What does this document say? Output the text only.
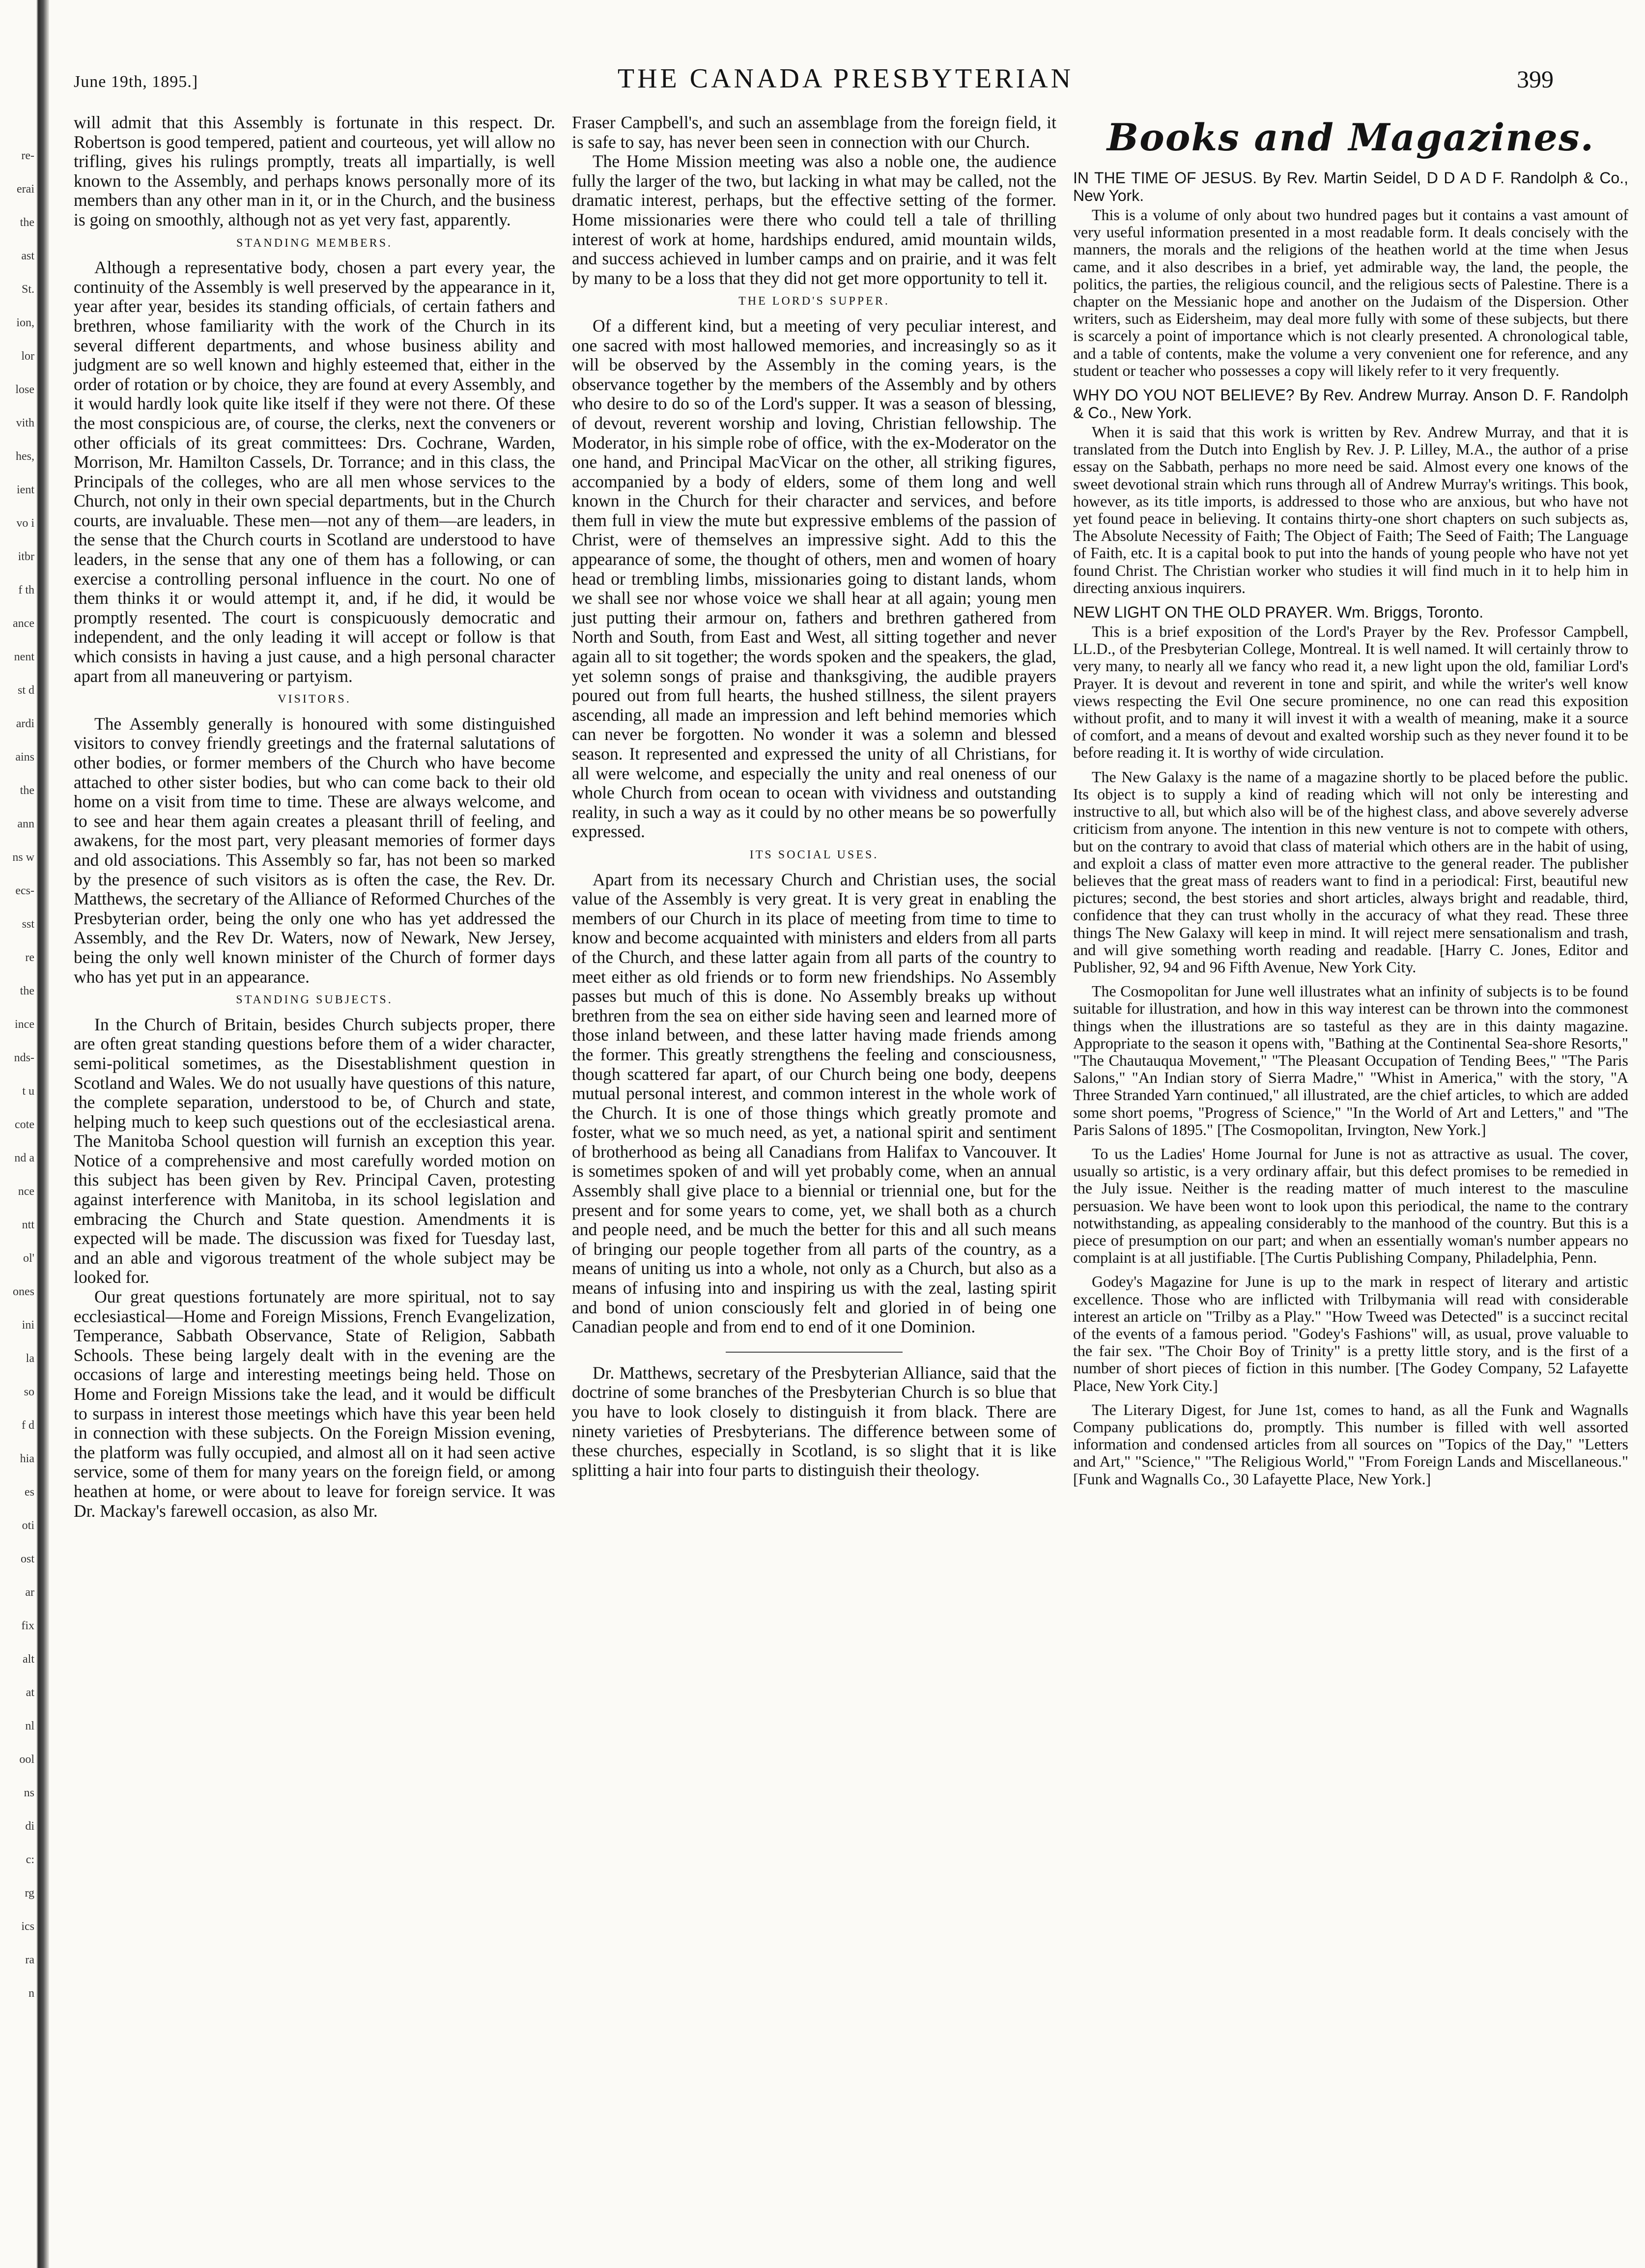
re-
erai
the
ast
St.
ion,
lor
lose
vith
hes,
ient
vo i
itbr
f th
ance
nent
st d
ardi
ains
the
ann
ns w
ecs-
sst
re
the
ince
nds-
t u
cote
nd a
nce
ntt
ol'
ones
ini
la
so
f d
hia
es
oti
ost
ar
fix
alt
at
nl
ool
ns
di
c:
rg
ics
ra
n
June 19th, 1895.]	THE CANADA PRESBYTERIAN	399

will admit that this Assembly is fortunate in this respect. Dr. Robertson is good tempered, patient and courteous, yet will allow no trifling, gives his rulings promptly, treats all impartially, is well known to the Assembly, and perhaps knows personally more of its members than any other man in it, or in the Church, and the business is going on smoothly, although not as yet very fast, apparently.

STANDING MEMBERS.

Although a representative body, chosen a part every year, the continuity of the Assembly is well preserved by the appearance in it, year after year, besides its standing officials, of certain fathers and brethren, whose familiarity with the work of the Church in its several different departments, and whose business ability and judgment are so well known and highly esteemed that, either in the order of rotation or by choice, they are found at every Assembly, and it would hardly look quite like itself if they were not there. Of these the most conspicious are, of course, the clerks, next the conveners or other officials of its great committees: Drs. Cochrane, Warden, Morrison, Mr. Hamilton Cassels, Dr. Torrance; and in this class, the Principals of the colleges, who are all men whose services to the Church, not only in their own special departments, but in the Church courts, are invaluable. These men—not any of them—are leaders, in the sense that the Church courts in Scotland are understood to have leaders, in the sense that any one of them has a following, or can exercise a controlling personal influence in the court. No one of them thinks it or would attempt it, and, if he did, it would be promptly resented. The court is conspicuously democratic and independent, and the only leading it will accept or follow is that which consists in having a just cause, and a high personal character apart from all maneuvering or partyism.

VISITORS.

The Assembly generally is honoured with some distinguished visitors to convey friendly greetings and the fraternal salutations of other bodies, or former members of the Church who have become attached to other sister bodies, but who can come back to their old home on a visit from time to time. These are always welcome, and to see and hear them again creates a pleasant thrill of feeling, and awakens, for the most part, very pleasant memories of former days and old associations. This Assembly so far, has not been so marked by the presence of such visitors as is often the case, the Rev. Dr. Matthews, the secretary of the Alliance of Reformed Churches of the Presbyterian order, being the only one who has yet addressed the Assembly, and the Rev Dr. Waters, now of Newark, New Jersey, being the only well known minister of the Church of former days who has yet put in an appearance.

STANDING SUBJECTS.

In the Church of Britain, besides Church subjects proper, there are often great standing questions before them of a wider character, semi-political sometimes, as the Disestablishment question in Scotland and Wales. We do not usually have questions of this nature, the complete separation, understood to be, of Church and state, helping much to keep such questions out of the ecclesiastical arena. The Manitoba School question will furnish an exception this year. Notice of a comprehensive and most carefully worded motion on this subject has been given by Rev. Principal Caven, protesting against interference with Manitoba, in its school legislation and embracing the Church and State question. Amendments it is expected will be made. The discussion was fixed for Tuesday last, and an able and vigorous treatment of the whole subject may be looked for.

Our great questions fortunately are more spiritual, not to say ecclesiastical—Home and Foreign Missions, French Evangelization, Temperance, Sabbath Observance, State of Religion, Sabbath Schools. These being largely dealt with in the evening are the occasions of large and interesting meetings being held. Those on Home and Foreign Missions take the lead, and it would be difficult to surpass in interest those meetings which have this year been held in connection with these subjects. On the Foreign Mission evening, the platform was fully occupied, and almost all on it had seen active service, some of them for many years on the foreign field, or among heathen at home, or were about to leave for foreign service. It was Dr. Mackay's farewell occasion, as also Mr.

Fraser Campbell's, and such an assemblage from the foreign field, it is safe to say, has never been seen in connection with our Church.

The Home Mission meeting was also a noble one, the audience fully the larger of the two, but lacking in what may be called, not the dramatic interest, perhaps, but the effective setting of the former. Home missionaries were there who could tell a tale of thrilling interest of work at home, hardships endured, amid mountain wilds, and success achieved in lumber camps and on prairie, and it was felt by many to be a loss that they did not get more opportunity to tell it.

THE LORD'S SUPPER.

Of a different kind, but a meeting of very peculiar interest, and one sacred with most hallowed memories, and increasingly so as it will be observed by the Assembly in the coming years, is the observance together by the members of the Assembly and by others who desire to do so of the Lord's supper. It was a season of blessing, of devout, reverent worship and loving, Christian fellowship. The Moderator, in his simple robe of office, with the ex-Moderator on the one hand, and Principal MacVicar on the other, all striking figures, accompanied by a body of elders, some of them long and well known in the Church for their character and services, and before them full in view the mute but expressive emblems of the passion of Christ, were of themselves an impressive sight. Add to this the appearance of some, the thought of others, men and women of hoary head or trembling limbs, missionaries going to distant lands, whom we shall see nor whose voice we shall hear at all again; young men just putting their armour on, fathers and brethren gathered from North and South, from East and West, all sitting together and never again all to sit together; the words spoken and the speakers, the glad, yet solemn songs of praise and thanksgiving, the audible prayers poured out from full hearts, the hushed stillness, the silent prayers ascending, all made an impression and left behind memories which can never be forgotten. No wonder it was a solemn and blessed season. It represented and expressed the unity of all Christians, for all were welcome, and especially the unity and real oneness of our whole Church from ocean to ocean with vividness and outstanding reality, in such a way as it could by no other means be so powerfully expressed.

ITS SOCIAL USES.

Apart from its necessary Church and Christian uses, the social value of the Assembly is very great. It is very great in enabling the members of our Church in its place of meeting from time to time to know and become acquainted with ministers and elders from all parts of the Church, and these latter again from all parts of the country to meet either as old friends or to form new friendships. No Assembly passes but much of this is done. No Assembly breaks up without brethren from the sea on either side having seen and learned more of those inland between, and these latter having made friends among the former. This greatly strengthens the feeling and consciousness, though scattered far apart, of our Church being one body, deepens mutual personal interest, and common interest in the whole work of the Church. It is one of those things which greatly promote and foster, what we so much need, as yet, a national spirit and sentiment of brotherhood as being all Canadians from Halifax to Vancouver. It is sometimes spoken of and will yet probably come, when an annual Assembly shall give place to a biennial or triennial one, but for the present and for some years to come, yet, we shall both as a church and people need, and be much the better for this and all such means of bringing our people together from all parts of the country, as a means of uniting us into a whole, not only as a Church, but also as a means of infusing into and inspiring us with the zeal, lasting spirit and bond of union consciously felt and gloried in of being one Canadian people and from end to end of it one Dominion.

Dr. Matthews, secretary of the Presbyterian Alliance, said that the doctrine of some branches of the Presbyterian Church is so blue that you have to look closely to distinguish it from black. There are ninety varieties of Presbyterians. The difference between some of these churches, especially in Scotland, is so slight that it is like splitting a hair into four parts to distinguish their theology.

Books and Magazines.
IN THE TIME OF JESUS. By Rev. Martin Seidel, D D A D F. Randolph & Co., New York.

This is a volume of only about two hundred pages but it contains a vast amount of very useful information presented in a most readable form. It deals concisely with the manners, the morals and the religions of the heathen world at the time when Jesus came, and it also describes in a brief, yet admirable way, the land, the people, the politics, the parties, the religious council, and the religious sects of Palestine. There is a chapter on the Messianic hope and another on the Judaism of the Dispersion. Other writers, such as Eidersheim, may deal more fully with some of these subjects, but there is scarcely a point of importance which is not clearly presented. A chronological table, and a table of contents, make the volume a very convenient one for reference, and any student or teacher who possesses a copy will likely refer to it very frequently.

WHY DO YOU NOT BELIEVE? By Rev. Andrew Murray. Anson D. F. Randolph & Co., New York.

When it is said that this work is written by Rev. Andrew Murray, and that it is translated from the Dutch into English by Rev. J. P. Lilley, M.A., the author of a prise essay on the Sabbath, perhaps no more need be said. Almost every one knows of the sweet devotional strain which runs through all of Andrew Murray's writings. This book, however, as its title imports, is addressed to those who are anxious, but who have not yet found peace in believing. It contains thirty-one short chapters on such subjects as, The Absolute Necessity of Faith; The Object of Faith; The Seed of Faith; The Language of Faith, etc. It is a capital book to put into the hands of young people who have not yet found Christ. The Christian worker who studies it will find much in it to help him in directing anxious inquirers.

NEW LIGHT ON THE OLD PRAYER. Wm. Briggs, Toronto.

This is a brief exposition of the Lord's Prayer by the Rev. Professor Campbell, LL.D., of the Presbyterian College, Montreal. It is well named. It will certainly throw to very many, to nearly all we fancy who read it, a new light upon the old, familiar Lord's Prayer. It is devout and reverent in tone and spirit, and while the writer's well know views respecting the Evil One secure prominence, no one can read this exposition without profit, and to many it will invest it with a wealth of meaning, make it a source of comfort, and a means of devout and exalted worship such as they never found it to be before reading it. It is worthy of wide circulation.

The New Galaxy is the name of a magazine shortly to be placed before the public. Its object is to supply a kind of reading which will not only be interesting and instructive to all, but which also will be of the highest class, and above severely adverse criticism from anyone. The intention in this new venture is not to compete with others, but on the contrary to avoid that class of material which others are in the habit of using, and exploit a class of matter even more attractive to the general reader. The publisher believes that the great mass of readers want to find in a periodical: First, beautiful new pictures; second, the best stories and short articles, always bright and readable, third, confidence that they can trust wholly in the accuracy of what they read. These three things The New Galaxy will keep in mind. It will reject mere sensationalism and trash, and will give something worth reading and readable. [Harry C. Jones, Editor and Publisher, 92, 94 and 96 Fifth Avenue, New York City.

The Cosmopolitan for June well illustrates what an infinity of subjects is to be found suitable for illustration, and how in this way interest can be thrown into the commonest things when the illustrations are so tasteful as they are in this dainty magazine. Appropriate to the season it opens with, "Bathing at the Continental Sea-shore Resorts," "The Chautauqua Movement," "The Pleasant Occupation of Tending Bees," "The Paris Salons," "An Indian story of Sierra Madre," "Whist in America," with the story, "A Three Stranded Yarn continued," all illustrated, are the chief articles, to which are added some short poems, "Progress of Science," "In the World of Art and Letters," and "The Paris Salons of 1895." [The Cosmopolitan, Irvington, New York.]

To us the Ladies' Home Journal for June is not as attractive as usual. The cover, usually so artistic, is a very ordinary affair, but this defect promises to be remedied in the July issue. Neither is the reading matter of much interest to the masculine persuasion. We have been wont to look upon this periodical, the name to the contrary notwithstanding, as appealing considerably to the manhood of the country. But this is a piece of presumption on our part; and when an essentially woman's number appears no complaint is at all justifiable. [The Curtis Publishing Company, Philadelphia, Penn.

Godey's Magazine for June is up to the mark in respect of literary and artistic excellence. Those who are inflicted with Trilbymania will read with considerable interest an article on "Trilby as a Play." "How Tweed was Detected" is a succinct recital of the events of a famous period. "Godey's Fashions" will, as usual, prove valuable to the fair sex. "The Choir Boy of Trinity" is a pretty little story, and is the first of a number of short pieces of fiction in this number. [The Godey Company, 52 Lafayette Place, New York City.]

The Literary Digest, for June 1st, comes to hand, as all the Funk and Wagnalls Company publications do, promptly. This number is filled with well assorted information and condensed articles from all sources on "Topics of the Day," "Letters and Art," "Science," "The Religious World," "From Foreign Lands and Miscellaneous." [Funk and Wagnalls Co., 30 Lafayette Place, New York.]
